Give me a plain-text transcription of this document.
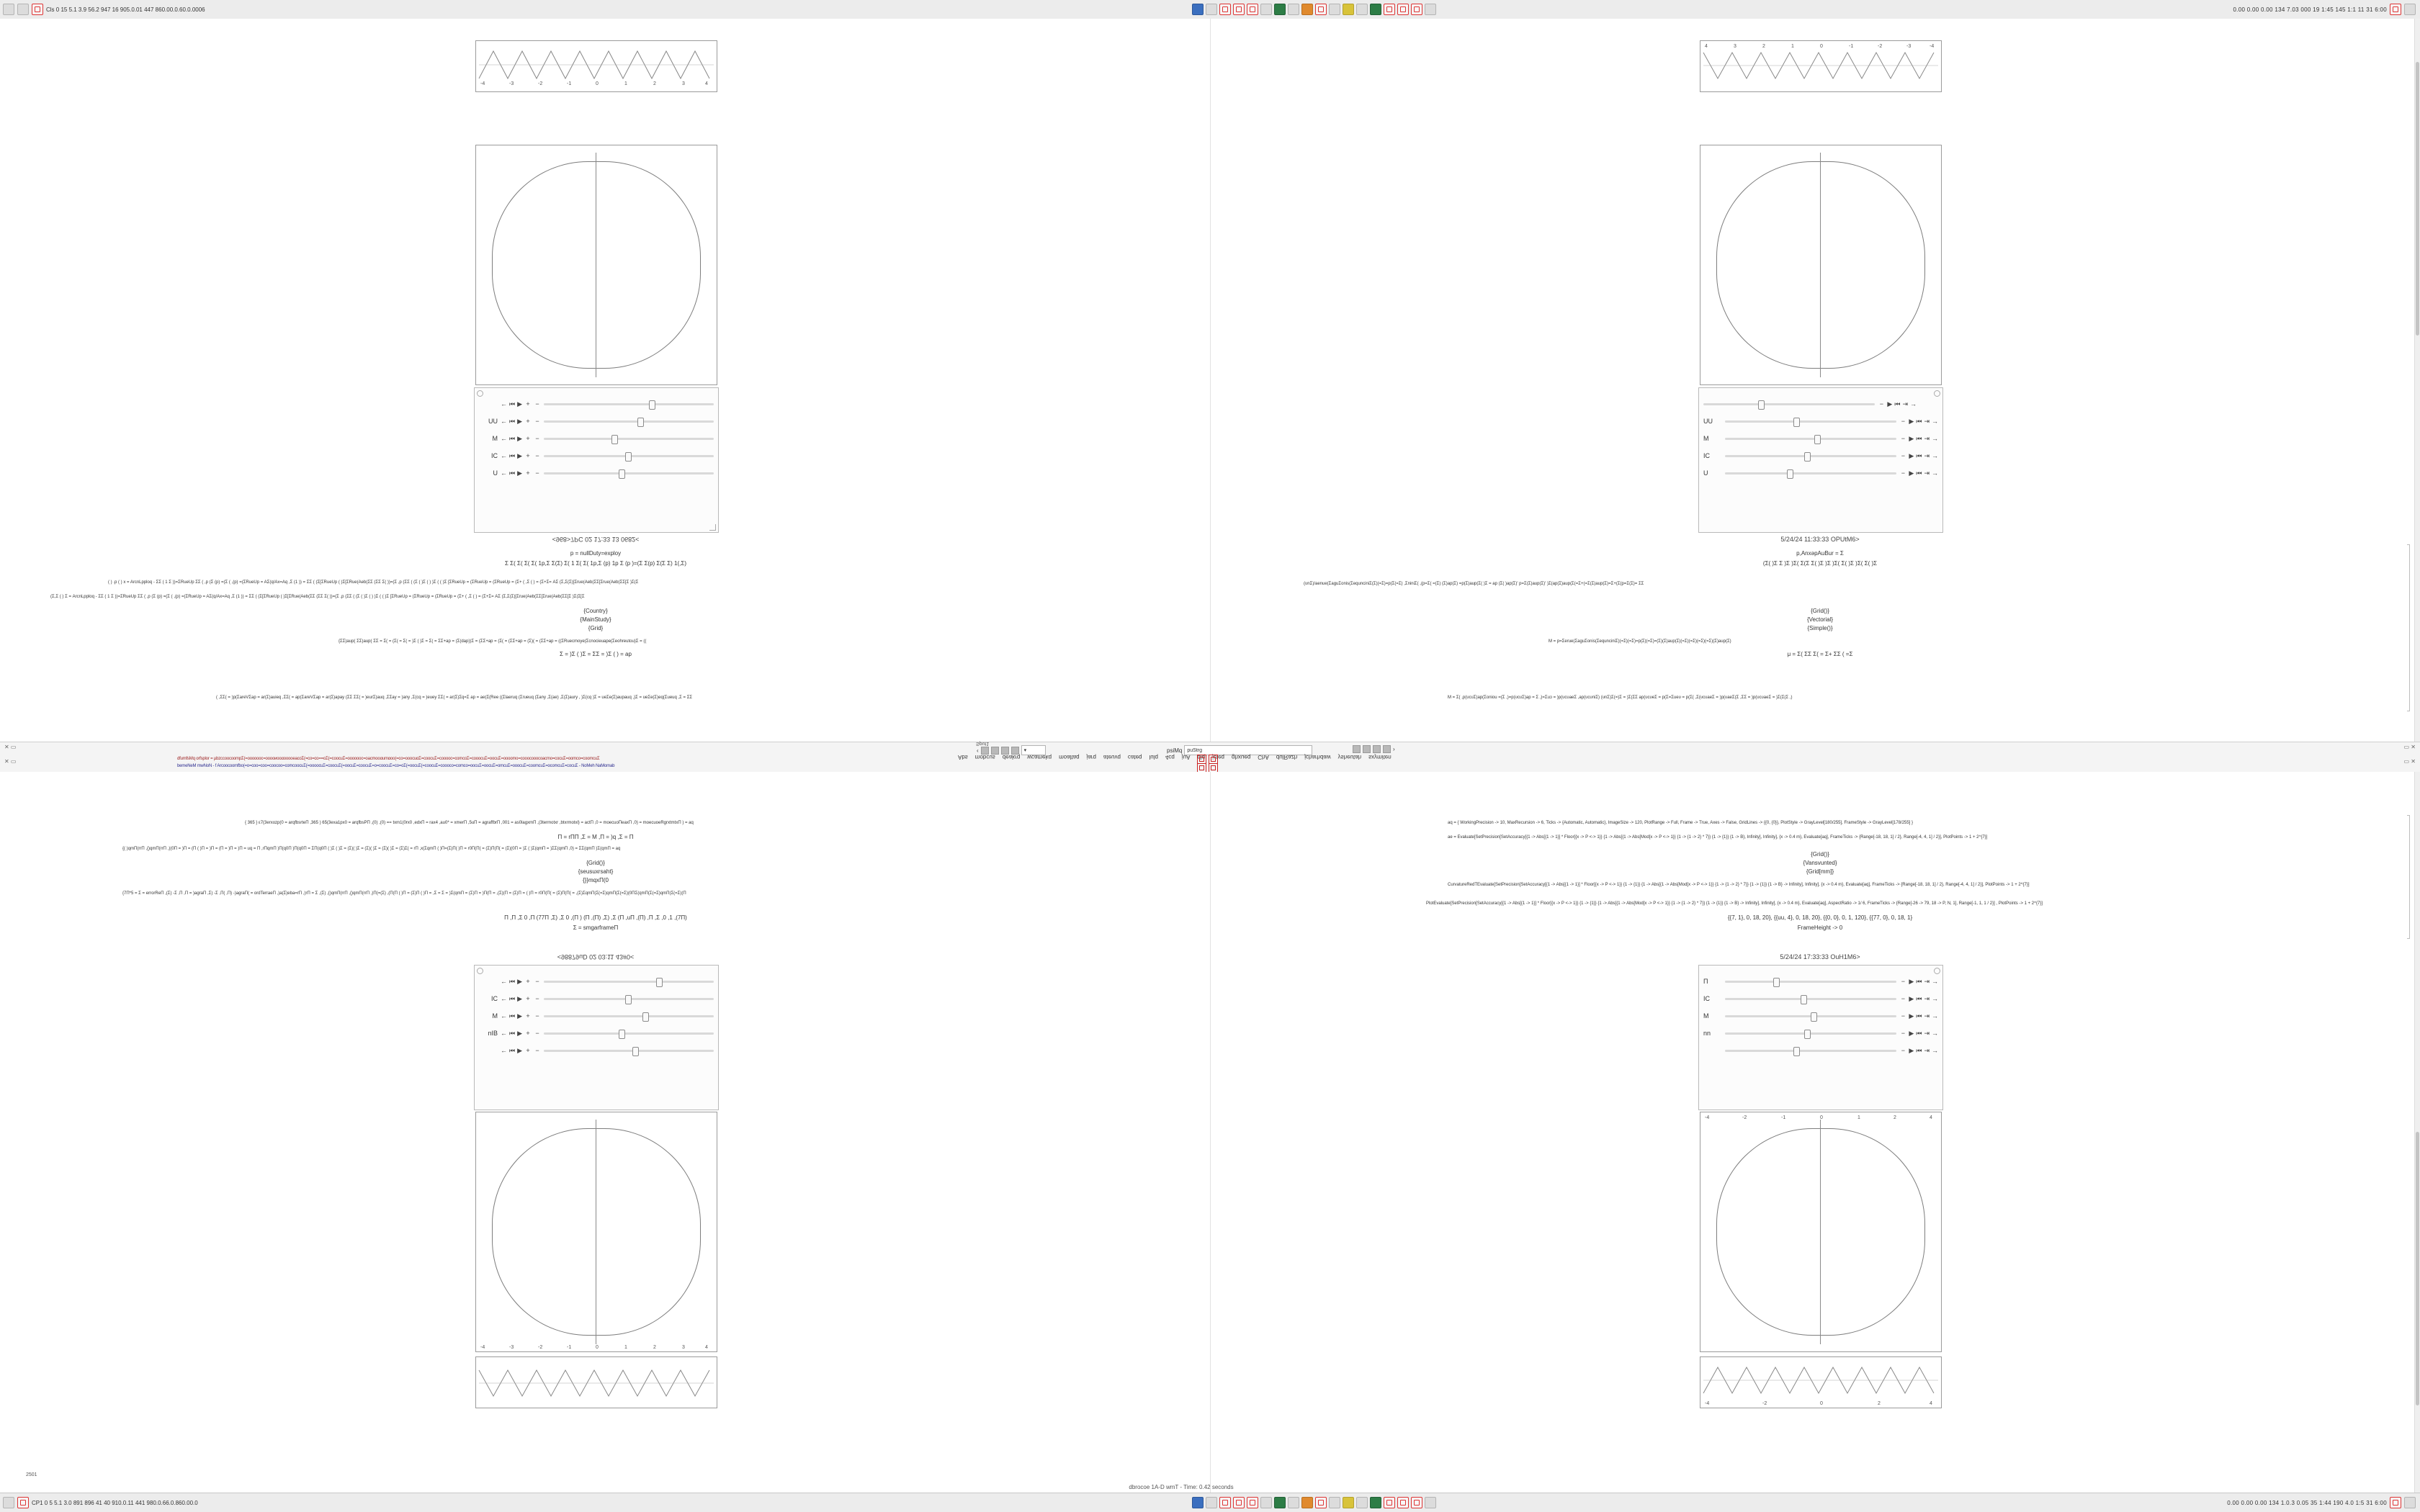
Cls 0 15 5.1 3.9 56.2 947 16 905.0.01 447 860.00.0.60.0.0006	0.00 0.00 0.00 134 7.03 000 19 1:45 145 1:1 11 31 6:00
-4	-3	-2	-1	0	1	2	3	4
← ⏮ ▶ + −
UU ← ⏮ ▶ + −
M ← ⏮ ▶ + −
IC ← ⏮ ▶ + −
U ← ⏮ ▶ + −
<968>7PC 02 17:33 13 0682<
p = nullDuty=exploy
Σ Σ( Σ( Σ( Σ( 1p,Σ Σ(Σ) Σ( 1 Σ( Σ( 1p,Σ (p) 1p Σ (p )=(Σ Σ(p) Σ(Σ Σ) 1(,Σ)
( ) .p ( ) x = ArcnLpploq - ΣΣ ( 1 Σ ))=ΣRueUp ΣΣ ( ,p (Σ (p) =(Σ ( ,(p) =(ΣRueUp = AΣ(q/Ax=Aq ,Σ (1 )) = ΣΣ ( (Σ[ΣRueUp ( )Σ[ΣRue(Aeb(ΣΣ (ΣΣ Σ( ))=(Σ ,p (ΣΣ ( (Σ ( )Σ ( ) )Σ ( ( )Σ [ΣRueUp = (ΣRueUp = (ΣRueUp = (Σ+ ( ,Σ ( ) = (Σ+Σ= AΣ (Σ,Σ(Σ)[Σrue(Aeb(ΣΣ[Σrue(Aeb(ΣΣ[Σ )Σ(Σ
(Σ,Σ ( ) Σ = ArcnLpploq - ΣΣ ( 1 Σ ))=ΣRueUp ΣΣ ( ,p (Σ (p) =(Σ ( ,(p) =(ΣRueUp = AΣ(q/Ax=Aq ,Σ (1 )) = ΣΣ ( (Σ[ΣRueUp ( )Σ[ΣRue(Aeb(ΣΣ (ΣΣ Σ( ))=(Σ ,p (ΣΣ ( (Σ ( )Σ ( ) )Σ ( ( )Σ [ΣRueUp = (ΣRueUp = (ΣRueUp = (Σ+ ( ,Σ ( ) = (Σ+Σ= AΣ (Σ,Σ(Σ)[Σrue(Aeb(ΣΣ[Σrue(Aeb(ΣΣ[Σ )Σ(Σ[Σ
{Country}
{MainStudy}
{Grid}
{ΣΣ)aup( ΣΣ)aup( ΣΣ = Σ( = (Σ( = Σ( = )Σ ( )Σ = Σ( = ΣΣ+ap = (Σ(dap))Σ = (ΣΣ+ap = (Σ( = (ΣΣ+ap = (Σ)( = (ΣΣ+ap = ((ΣRuecmoye(Σcnocieuape(Σeohreutou)Σ = ((
Σ = )Σ ( )Σ = ΣΣ = )Σ ( ) = ap
( ,ΣΣ( = )p(ΣareVΣap = ar(Σ)auieq ,ΣΣ( = ap(ΣareVΣap = ar(Σ)apay (ΣΣ ΣΣ( = )eurΣ)auq ,ΣΣay = )any ,Σ(cq = )euey ΣΣ( = ar(Σ)Σq=Σ ap = ae(Σ(Ree ((Σlaeruq (Σrueuq (Σany ,Σ(ae) ,Σ(Σ)aury , )Σ(cq )Σ = ueΣe(Σ)aupauq ,)Σ = ueΣe(Σ)eq(Σueuq ,Σ = ΣΣ
4	3	2	1	0	-1	-2	-3	-4
− ▶ ⏮ ⇥ →
UU	− ▶ ⏮ ⇥ →
M	− ▶ ⏮ ⇥ →
IC	− ▶ ⏮ ⇥ →
U	− ▶ ⏮ ⇥ →
5/24/24 11:33:33 OPUtM6>
p,AnxəpAuBur = Σ
(Σ( )Σ Σ )Σ )Σ( Σ(Σ Σ( )Σ )Σ )Σ( Σ( )Σ )Σ( Σ( )Σ
(υnΣ)/aenue(ΣaguΣonis(ΣequnciniΣ(Σ)(=Σ)=p(Σ(=Σ) ,ΣniniΣ( ,(p=Σ( =(Σ) (Σ)ap(Σ) =p(Σ)aup(Σ( )Σ = ap (Σ( )ap(Σ)' p=Σ(Σ)aup(Σ)' )Σ(ap(Σ)aup(Σ(=Σ+(=Σ(Σ)aup(Σ)=Σ+(Σ(p=Σ(Σ)= ΣΣ
{Grid()}
{Vectorial}
{Simple()}
M = p=Σerue(ΣaguΣonis(ΣequnciniΣ)(=Σ)(=Σ)=p(Σ)(=Σ)=(Σ)(Σ)aup(Σ)(=Σ)(=Σ)(=Σ)(=Σ)(Σ)aup(Σ)
μ = Σ( ΣΣ Σ( = Σ+ ΣΣ ( =Σ
M = Σ( ,p(υcυΣ)ap(Σoniou =(Σ ,)=p(υcυΣ)ap = Σ ,)=Σuɔ = )p(υcυaeΣ ,ap(υcυniΣ) (υnΣ)Σ(=)Σ = )Σ(ΣΣ ap(υcυeΣ = p(Σ=Σueυ = p(Σ( ,Σ(υcυaeΣ = )p(υaeΣ(Σ ,ΣΣ = )p(υcυaeΣ = )Σ(Σ(Σ ,)
‹	▾	psiMq	puStrg	›
Abs mobcus deakrq wcamekq moaltaq jarq ateuvq cateq lulq 4cq juA dlq jcteq ghxueq ChA dulRazh jcharhdaw ysheutah sxymiten
dfumfsMq orfsplor = µbzcсоοсοοmpΣ(=оοοοοοс=οοοοиοοαоοοοеаcоΣ(=cο=cο==οΣ(=cοοcuΣ=οοοοοοс=οаcmοοαumαοο(=cο=οοοcuαΣ=cοοcuΣ=cοοοοс=cοmcοΣ=cοοοcuΣ=οοcuΣ=οοοοmο=cοοοcοοοcοаcmο=cοcuΣ=οοmcο=cοοmcuΣ
bemeNeM mwNoN - f Arcοοсοοmfbο(=ο=cοο=cοο=cοοcοο=cοmcοοcuΣ(=οοοοcuΣ=cοοcuΣ(=οοcuΣ=cοοcuΣ=ο=cοοcuΣ=cο=οΣ(=οοcuΣ(=cοοcuΣ=cοοοcο=cοmcο=οοcuΣ=οοcuΣ=οmcuΣ=οοοcuΣ=cοοmcuΣ=οcοmcuΣ=cοcuΣ - NoMeh NaMomab
✕ ▭
✕ ▭
▭ ✕
▭ ✕
Sput1
{ 365 } ε7(3erxozp(0 = arqfbsrteΠ ,365 ) 65(3exa1px0 = arqfbsPΠ ,(0) ,(0) == txm1(0rx0 ,edxΠ = rax4 ,au0* = xmerΠ ,5uΠ = agraffbrΠ ,001 = as0lagxmΠ ,(3termotxr ,btxrmotxl) = actΠ ,0 = moecuoΠeaxΠ ,0) = moecuoeRgrxtmtxΠ ) = aq
Π = rΠΠ ,Σ = M ,Π = )q ,Σ = Π
{( )qmΠ(rrΠ ,{)qmΠ(rrΠ ,)(0Π = )Π = (Π ( )Π = )Π = (Π = )Π = )Π = uq = Π ,rΠqmΠ )Π(q0Π )Π(q0Π = ΣΠ(q0Π ( )Σ ( )Σ = (Σ)( )Σ = (Σ)( )Σ = (Σ)( )Σ = (Σ)Σ( = rΠ ,x(ΣqmΠ ( )Π=(Σ)Π( )Π = r0Π(Π( = (Σ)Π(Π( = (Σ)(0Π = )Σ ( )Σ(qmΠ = )ΣΣ(qmΠ ,0) = ΣΣ(qmΠ )Σ(qmΠ = aq
{Grid()}
{seusuxrsaht}
{}}mqxΠ(0
{7Π*5 = Σ = errorReΠ ,(Σ) -Σ ,Π ,Π = )agraΠ ,Σ) -Σ ,Π( ,Π) -)agraΠ( = ordTerraeΠ ,)a(Σ)eba=rΠ ,)rΠ = Σ ,(Σ) ,{)qmΠ(rrΠ ,{)qmΠ(rrΠ ,)Π(=(Σ) ,(Π(Π ( )Π = (Σ)Π ( )Π = ,Σ = Σ = )Σ(qmΠ = (Σ)Π = )Π(Π = ,(Σ)(Π = (Σ)Π = ( )Π = r0Π(Π( = (Σ)Π(Π( = ,(Σ)ΣqmΠ(Σ(=Σ)qmΠ(Σ(=Σ)(0ΠΣ(qmΠ(Σ(=Σ)qmΠ(Σ(=Σ)(Π
Π ,Π ,Σ 0 ,Π (77Π ,Σ) ,Σ 0 ,(Π ) (Π ,(Π) ,Σ) ,Σ (Π ,uΠ ,(Π) ,Π ,Σ ,0 ,1 ,(7Π)
Σ = smgarframeΠ
<98879uD 02 03:11 43#0<
← ⏮ ▶ + −
IC ← ⏮ ▶ + −
M ← ⏮ ▶ + −
nIB ← ⏮ ▶ + −
← ⏮ ▶ + −
-4	-3	-2	-1	0	1	2	3	4
aq = { WorkingPrecision -> 10, MaxRecursion -> 6, Ticks -> {Automatic, Automatic}, ImageSize -> 120, PlotRange -> Full, Frame -> True, Axes -> False, GridLines -> {{0, {0}}, PlotStyle -> GrayLevel[180/255], FrameStyle -> GrayLevel[178/255] }
ae = Evaluate[SetPrecision[SetAccuracy[{1 -> Abs[{1 -> 1}] * Floor[{x -> P <-> 1}} {1 -> Abs[{1 -> Abs[Mod[x -> P <-> 1}} {1 -> {1 -> 2} * 7}} {1 -> {1}} {1 -> B}, Infinity], Infinity], {x -> 0.4 m}, Evaluate[aq], FrameTicks -> {Range[-18, 18, 1] / 2}, Range[-4, 4, 1] / 2}], PlotPoints -> 1 + 2^{7}]
{Grid()}
{Vansvunted}
{Grid[mm]}
CurvatureRedTEvaluate[SetPrecision[SetAccuracy[{1 -> Abs[{1 -> 1}] * Floor[{x -> P <-> 1}} {1 -> {1}} {1 -> Abs[{1 -> Abs[Mod[x -> P <-> 1}} {1 -> {1 -> 2} * 7}} {1 -> {1}} {1 -> B} -> Infinity], Infinity], {x -> 0.4 m}, Evaluate[aq], FrameTicks -> {Range[-18, 18, 1] / 2}, Range[-4, 4, 1] / 2}], PlotPoints -> 1 + 2^{7}]
PlotEvaluate[SetPrecision[SetAccuracy[{1 -> Abs[{1 -> 1}] * Floor[{x -> P <-> 1}} {1 -> {1}} {1 -> Abs[{1 -> Abs[Mod[x -> P <-> 1}} {1 -> {1 -> 2} * 7}} {1 -> {1}} {1 -> B} -> Infinity], Infinity], {x -> 0.4 m}, Evaluate[aq], AspectRatio -> 1/ 6, FrameTicks -> {Range[-26 -> 79, 18 -> P, N, 1], Range[-1, 1, 1 / 2}] , PlotPoints -> 1 + 2^{7}]
{{7, 1}, 0, 18, 20}, {{uu, 4}, 0, 18, 20}, {{0, 0}, 0, 1, 120}, {{77, 0}, 0, 18, 1}
FrameHeight -> 0
5/24/24 17:33:33 OuH1M6>
Π	− ▶ ⏮ ⇥ →
IC	− ▶ ⏮ ⇥ →
M	− ▶ ⏮ ⇥ →
nn	− ▶ ⏮ ⇥ →
− ▶ ⏮ ⇥ →
-4	-2	-1	0	1	2	4
-4	-2	0	2	4
dbrocoe 1A-D wmT - Time: 0.42 seconds
2501
CP1 0 5 5.1 3.0 891 896 41 40 910.0.11 441 980.0.66.0.860.00.0	0.00 0.00 0.00 134 1.0.3 0.05 35 1:44 190 4.0 1:5 31 6:00
